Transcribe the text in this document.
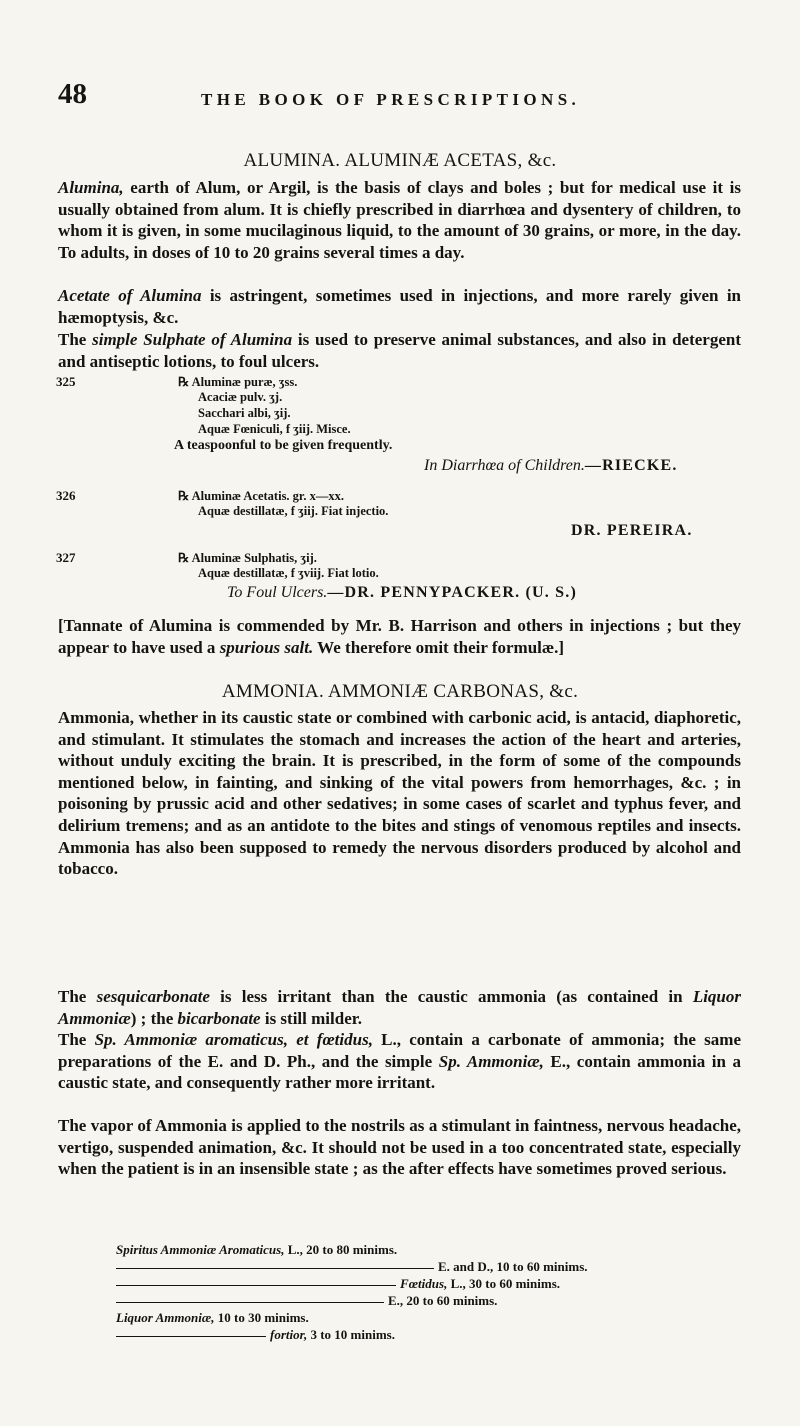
48	THE BOOK OF PRESCRIPTIONS.
ALUMINA. ALUMINÆ ACETAS, &c.

Alumina, earth of Alum, or Argil, is the basis of clays and boles ; but for medical use it is usually obtained from alum. It is chiefly prescribed in diarrhœa and dysentery of children, to whom it is given, in some mucilaginous liquid, to the amount of 30 grains, or more, in the day. To adults, in doses of 10 to 20 grains several times a day.

Acetate of Alumina is astringent, sometimes used in injections, and more rarely given in hæmoptysis, &c.

The simple Sulphate of Alumina is used to preserve animal substances, and also in detergent and antiseptic lotions, to foul ulcers.

325	℞ Aluminæ puræ, ʒss.
Acaciæ pulv. ʒj.
Sacchari albi, ʒij.
Aquæ Fœniculi, f ʒiij. Misce.
A teaspoonful to be given frequently.
In Diarrhœa of Children.—RIECKE.
326	℞ Aluminæ Acetatis. gr. x—xx.
Aquæ destillatæ, f ʒiij. Fiat injectio.
DR. PEREIRA.
327	℞ Aluminæ Sulphatis, ʒij.
Aquæ destillatæ, f ʒviij. Fiat lotio.
To Foul Ulcers.—DR. PENNYPACKER. (U. S.)

[Tannate of Alumina is commended by Mr. B. Harrison and others in injections ; but they appear to have used a spurious salt. We therefore omit their formulæ.]

AMMONIA. AMMONIÆ CARBONAS, &c.

Ammonia, whether in its caustic state or combined with carbonic acid, is antacid, diaphoretic, and stimulant. It stimulates the stomach and increases the action of the heart and arteries, without unduly exciting the brain. It is prescribed, in the form of some of the compounds mentioned below, in fainting, and sinking of the vital powers from hemorrhages, &c. ; in poisoning by prussic acid and other sedatives; in some cases of scarlet and typhus fever, and delirium tremens; and as an antidote to the bites and stings of venomous reptiles and insects. Ammonia has also been supposed to remedy the nervous disorders produced by alcohol and tobacco.

The sesquicarbonate is less irritant than the caustic ammonia (as contained in Liquor Ammoniæ) ; the bicarbonate is still milder.

The Sp. Ammoniæ aromaticus, et fœtidus, L., contain a carbonate of ammonia; the same preparations of the E. and D. Ph., and the simple Sp. Ammoniæ, E., contain ammonia in a caustic state, and consequently rather more irritant.

The vapor of Ammonia is applied to the nostrils as a stimulant in faintness, nervous headache, vertigo, suspended animation, &c. It should not be used in a too concentrated state, especially when the patient is in an insensible state ; as the after effects have sometimes proved serious.

Spiritus Ammoniæ Aromaticus, L., 20 to 80 minims.
E. and D., 10 to 60 minims.
Fœtidus, L., 30 to 60 minims.
E., 20 to 60 minims.
Liquor Ammoniæ, 10 to 30 minims.
fortior, 3 to 10 minims.
